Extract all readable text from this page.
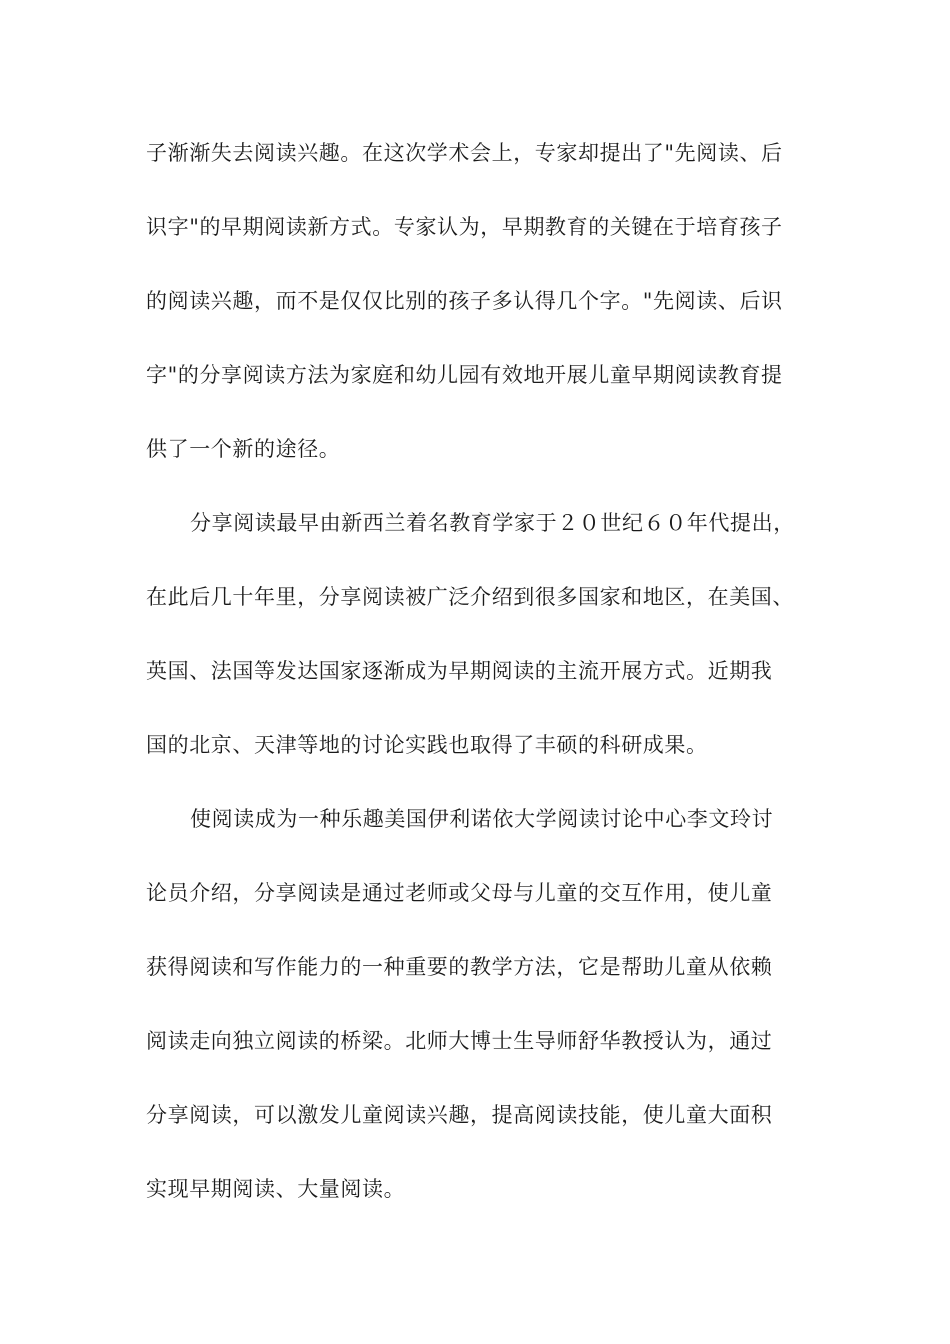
子渐渐失去阅读兴趣。在这次学术会上，专家却提出了"先阅读、后
识字"的早期阅读新方式。专家认为，早期教育的关键在于培育孩子
的阅读兴趣，而不是仅仅比别的孩子多认得几个字。"先阅读、后识
字"的分享阅读方法为家庭和幼儿园有效地开展儿童早期阅读教育提
供了一个新的途径。
分享阅读最早由新西兰着名教育学家于２０世纪６０年代提出，
在此后几十年里，分享阅读被广泛介绍到很多国家和地区，在美国、
英国、法国等发达国家逐渐成为早期阅读的主流开展方式。近期我
国的北京、天津等地的讨论实践也取得了丰硕的科研成果。
使阅读成为一种乐趣美国伊利诺依大学阅读讨论中心李文玲讨
论员介绍，分享阅读是通过老师或父母与儿童的交互作用，使儿童
获得阅读和写作能力的一种重要的教学方法，它是帮助儿童从依赖
阅读走向独立阅读的桥梁。北师大博士生导师舒华教授认为，通过
分享阅读，可以激发儿童阅读兴趣，提高阅读技能，使儿童大面积
实现早期阅读、大量阅读。
